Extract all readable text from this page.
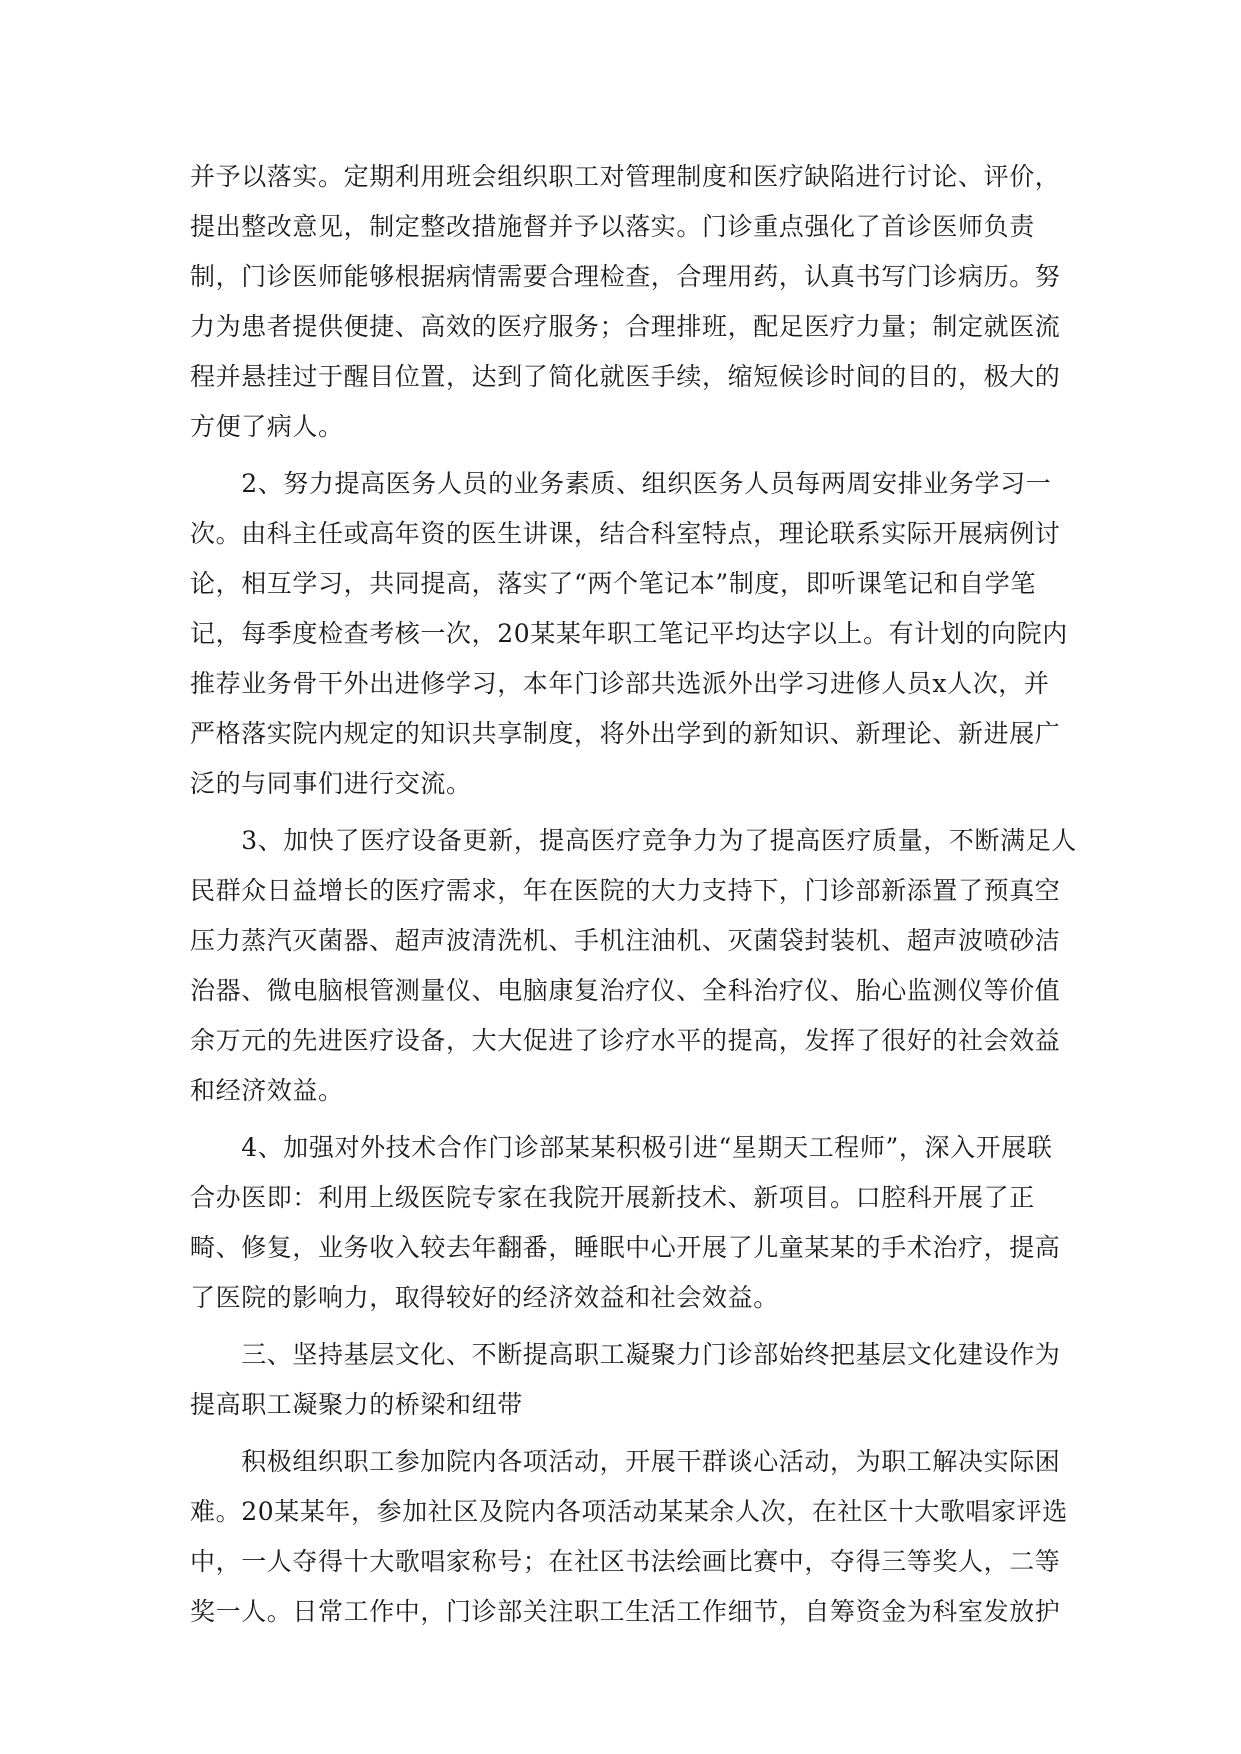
并予以落实。定期利用班会组织职工对管理制度和医疗缺陷进行讨论、评价，
提出整改意见，制定整改措施督并予以落实。门诊重点强化了首诊医师负责
制，门诊医师能够根据病情需要合理检查，合理用药，认真书写门诊病历。努
力为患者提供便捷、高效的医疗服务；合理排班，配足医疗力量；制定就医流
程并悬挂过于醒目位置，达到了简化就医手续，缩短候诊时间的目的，极大的
方便了病人。
　　2、努力提高医务人员的业务素质、组织医务人员每两周安排业务学习一
次。由科主任或高年资的医生讲课，结合科室特点，理论联系实际开展病例讨
论，相互学习，共同提高，落实了“两个笔记本”制度，即听课笔记和自学笔
记，每季度检查考核一次，20某某年职工笔记平均达字以上。有计划的向院内
推荐业务骨干外出进修学习，本年门诊部共选派外出学习进修人员x人次，并
严格落实院内规定的知识共享制度，将外出学到的新知识、新理论、新进展广
泛的与同事们进行交流。
　　3、加快了医疗设备更新，提高医疗竞争力为了提高医疗质量，不断满足人
民群众日益增长的医疗需求，年在医院的大力支持下，门诊部新添置了预真空
压力蒸汽灭菌器、超声波清洗机、手机注油机、灭菌袋封装机、超声波喷砂洁
治器、微电脑根管测量仪、电脑康复治疗仪、全科治疗仪、胎心监测仪等价值
余万元的先进医疗设备，大大促进了诊疗水平的提高，发挥了很好的社会效益
和经济效益。
　　4、加强对外技术合作门诊部某某积极引进“星期天工程师”，深入开展联
合办医即：利用上级医院专家在我院开展新技术、新项目。口腔科开展了正
畸、修复，业务收入较去年翻番，睡眠中心开展了儿童某某的手术治疗，提高
了医院的影响力，取得较好的经济效益和社会效益。
　　三、坚持基层文化、不断提高职工凝聚力门诊部始终把基层文化建设作为
提高职工凝聚力的桥梁和纽带
　　积极组织职工参加院内各项活动，开展干群谈心活动，为职工解决实际困
难。20某某年，参加社区及院内各项活动某某余人次，在社区十大歌唱家评选
中，一人夺得十大歌唱家称号；在社区书法绘画比赛中，夺得三等奖人，二等
奖一人。日常工作中，门诊部关注职工生活工作细节，自筹资金为科室发放护
